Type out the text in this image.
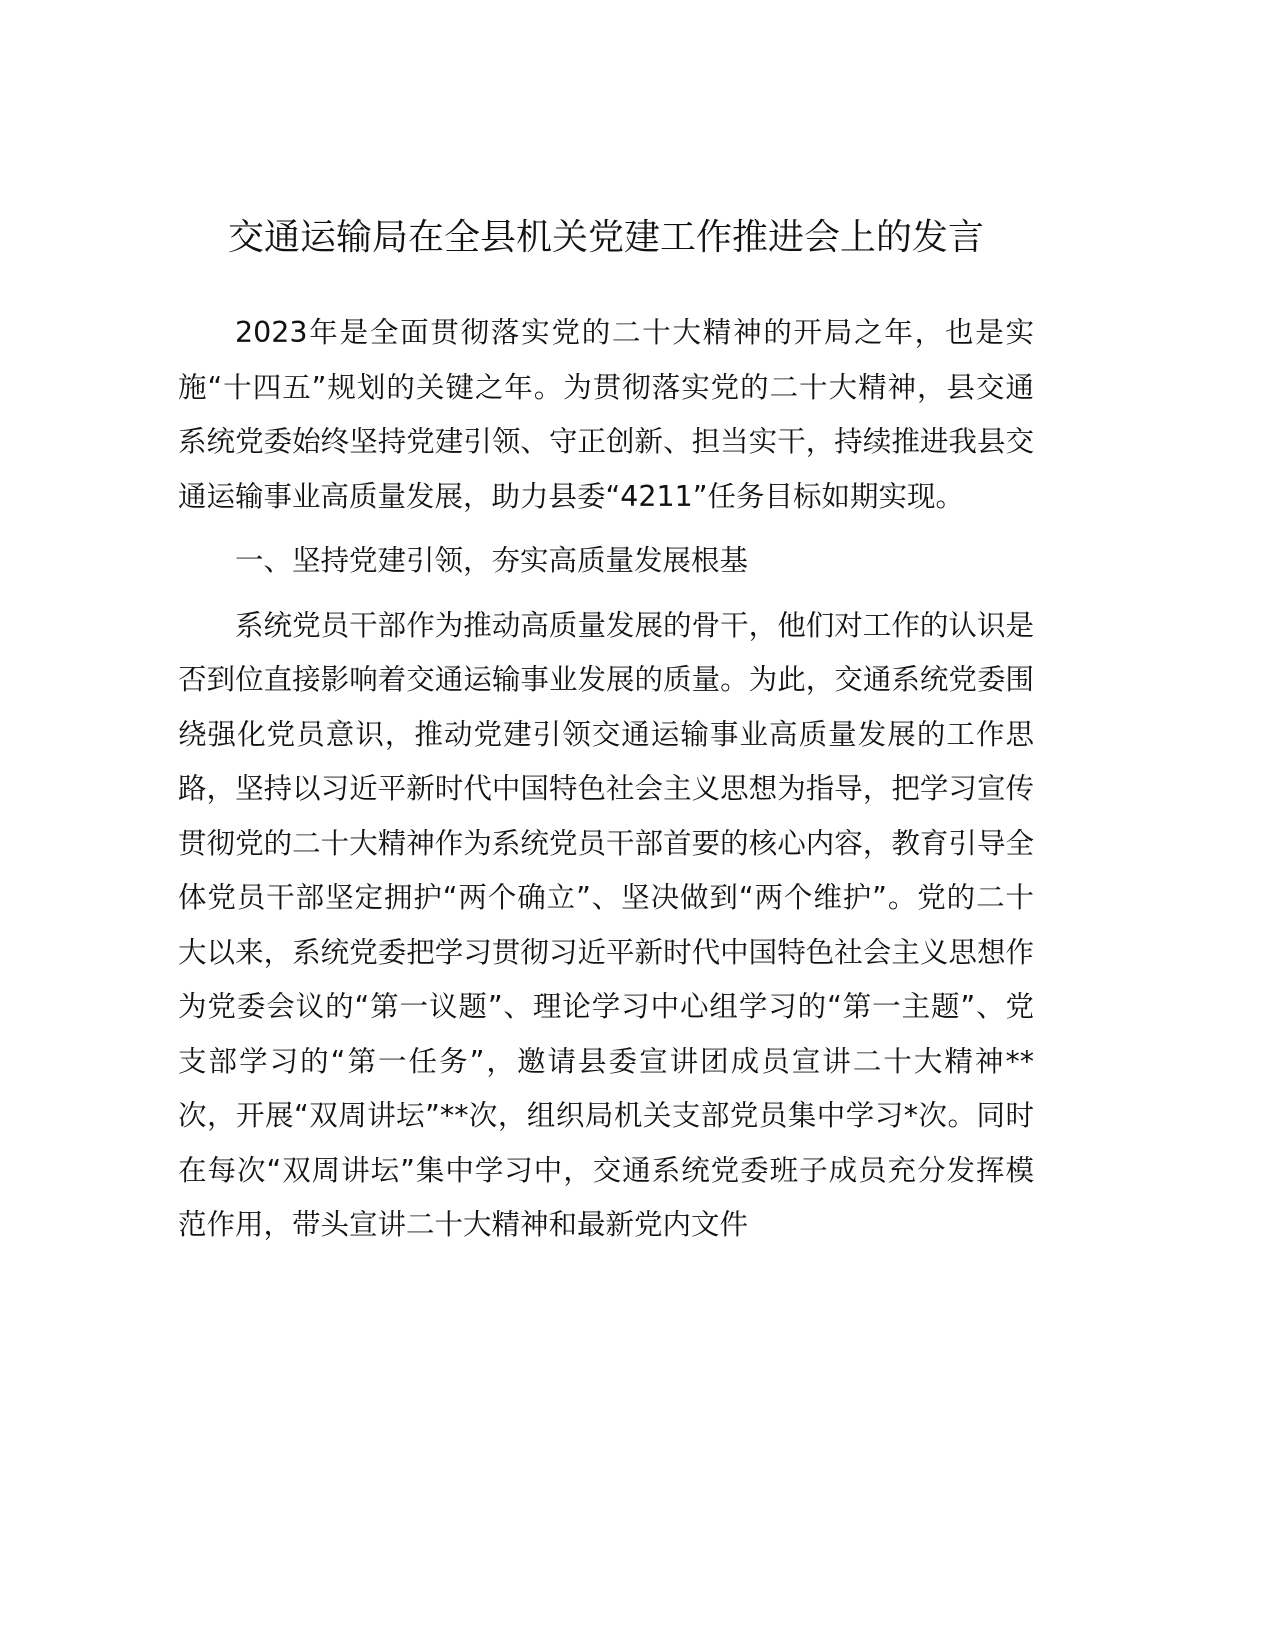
交通运输局在全县机关党建工作推进会上的发言

2023年是全面贯彻落实党的二十大精神的开局之年，也是实施“十四五”规划的关键之年。为贯彻落实党的二十大精神，县交通系统党委始终坚持党建引领、守正创新、担当实干，持续推进我县交通运输事业高质量发展，助力县委“4211”任务目标如期实现。

一、坚持党建引领，夯实高质量发展根基

系统党员干部作为推动高质量发展的骨干，他们对工作的认识是否到位直接影响着交通运输事业发展的质量。为此，交通系统党委围绕强化党员意识，推动党建引领交通运输事业高质量发展的工作思路，坚持以习近平新时代中国特色社会主义思想为指导，把学习宣传贯彻党的二十大精神作为系统党员干部首要的核心内容，教育引导全体党员干部坚定拥护“两个确立”、坚决做到“两个维护”。党的二十大以来，系统党委把学习贯彻习近平新时代中国特色社会主义思想作为党委会议的“第一议题”、理论学习中心组学习的“第一主题”、党支部学习的“第一任务”，邀请县委宣讲团成员宣讲二十大精神**次，开展“双周讲坛”**次，组织局机关支部党员集中学习*次。同时在每次“双周讲坛”集中学习中，交通系统党委班子成员充分发挥模范作用，带头宣讲二十大精神和最新党内文件
